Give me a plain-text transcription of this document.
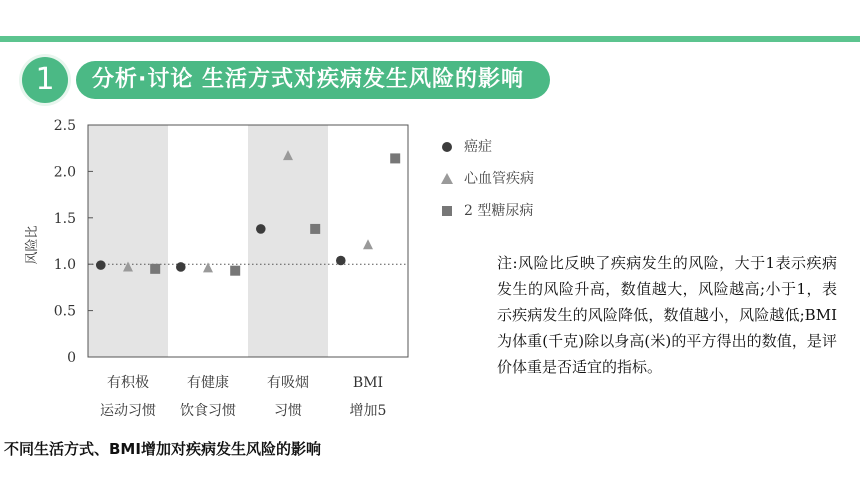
1	分析·讨论 生活方式对疾病发生风险的影响
0
0.5
1.0
1.5
2.0
2.5
风险比
有积极
运动习惯
有健康
饮食习惯
有吸烟
习惯
BMI
增加5
癌症
心血管疾病
2 型糖尿病
注:风险比反映了疾病发生的风险，大于1表示疾病发生的风险升高，数值越大，风险越高;小于1，表示疾病发生的风险降低，数值越小，风险越低;BMI为体重(千克)除以身高(米)的平方得出的数值，是评价体重是否适宜的指标。
不同生活方式、BMI增加对疾病发生风险的影响
